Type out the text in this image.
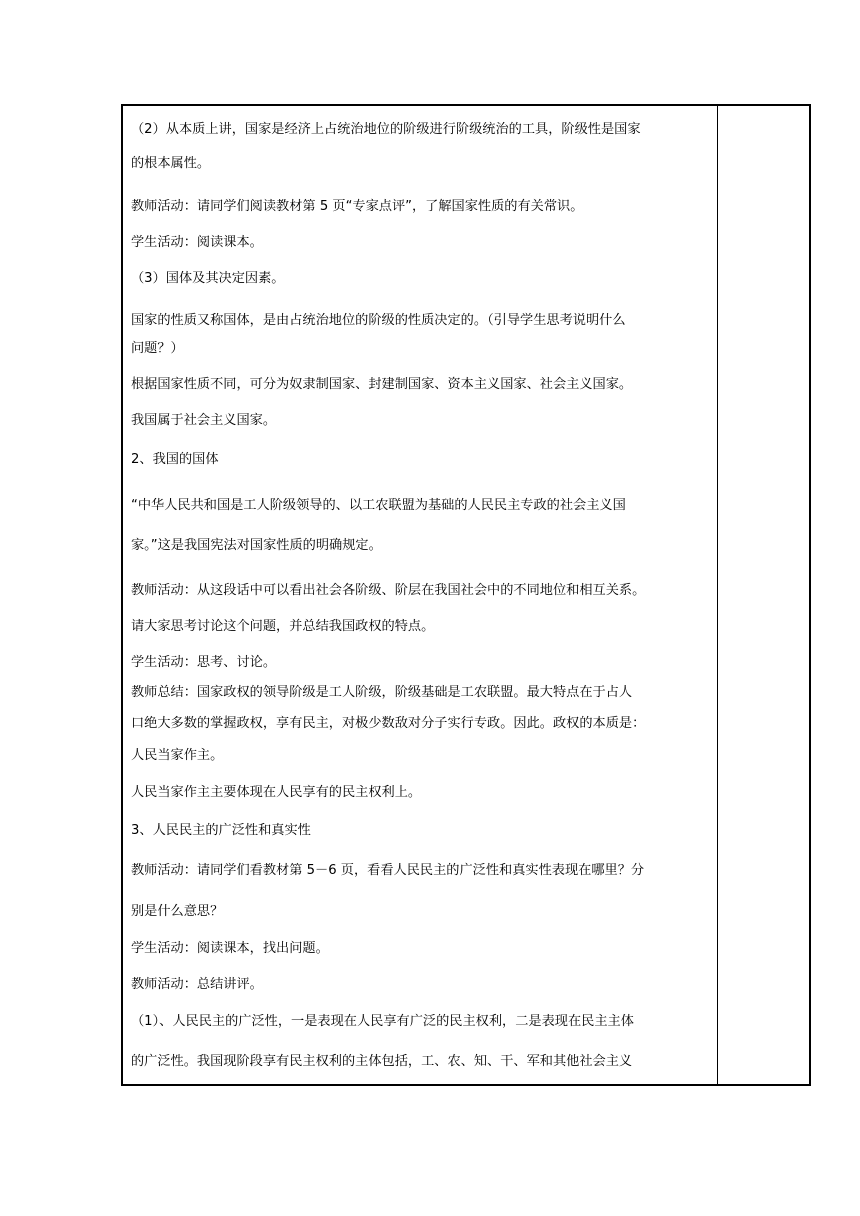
（2）从本质上讲，国家是经济上占统治地位的阶级进行阶级统治的工具，阶级性是国家
的根本属性。
教师活动：请同学们阅读教材第 5 页“专家点评”，了解国家性质的有关常识。
学生活动：阅读课本。
（3）国体及其决定因素。
国家的性质又称国体，是由占统治地位的阶级的性质决定的。（引导学生思考说明什么
问题？）
根据国家性质不同，可分为奴隶制国家、封建制国家、资本主义国家、社会主义国家。
我国属于社会主义国家。
2、我国的国体
“中华人民共和国是工人阶级领导的、以工农联盟为基础的人民民主专政的社会主义国
家。”这是我国宪法对国家性质的明确规定。
教师活动：从这段话中可以看出社会各阶级、阶层在我国社会中的不同地位和相互关系。
请大家思考讨论这个问题，并总结我国政权的特点。
学生活动：思考、讨论。
教师总结：国家政权的领导阶级是工人阶级，阶级基础是工农联盟。最大特点在于占人
口绝大多数的掌握政权，享有民主，对极少数敌对分子实行专政。因此。政权的本质是：
人民当家作主。
人民当家作主主要体现在人民享有的民主权利上。
3、人民民主的广泛性和真实性
教师活动：请同学们看教材第 5－6 页，看看人民民主的广泛性和真实性表现在哪里？分
别是什么意思？
学生活动：阅读课本，找出问题。
教师活动：总结讲评。
（1）、人民民主的广泛性，一是表现在人民享有广泛的民主权利，二是表现在民主主体
的广泛性。我国现阶段享有民主权利的主体包括，工、农、知、干、军和其他社会主义
